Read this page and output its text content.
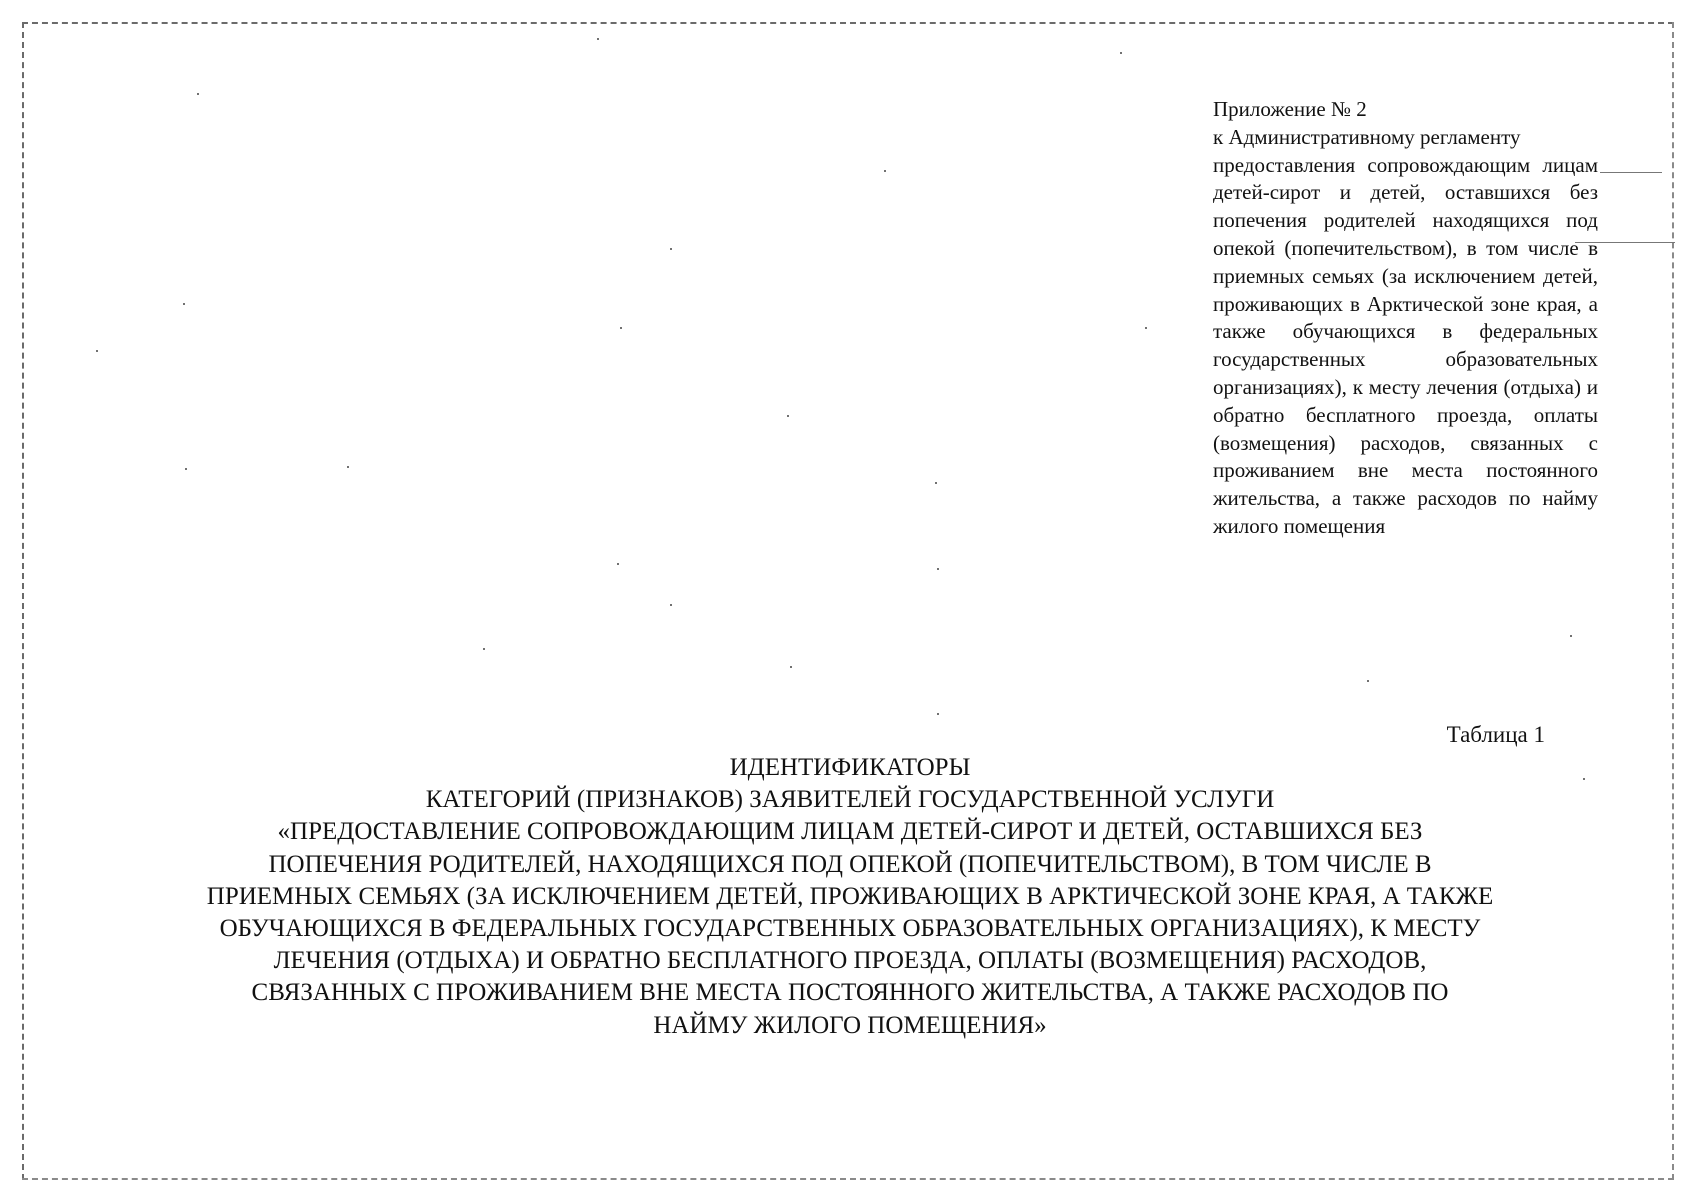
Приложение № 2
к Административному регламенту
предоставления сопровождающим лицам детей-сирот и детей, оставшихся без попечения родителей находящихся под опекой (попечительством), в том числе в приемных семьях (за исключением детей, проживающих в Арктической зоне края, а также обучающихся в федеральных государственных образовательных организациях), к месту лечения (отдыха) и обратно бесплатного проезда, оплаты (возмещения) расходов, связанных с проживанием вне места постоянного жительства, а также расходов по найму жилого помещения
Таблица 1
ИДЕНТИФИКАТОРЫ
КАТЕГОРИЙ (ПРИЗНАКОВ) ЗАЯВИТЕЛЕЙ ГОСУДАРСТВЕННОЙ УСЛУГИ
«ПРЕДОСТАВЛЕНИЕ СОПРОВОЖДАЮЩИМ ЛИЦАМ ДЕТЕЙ-СИРОТ И ДЕТЕЙ, ОСТАВШИХСЯ БЕЗ
ПОПЕЧЕНИЯ РОДИТЕЛЕЙ, НАХОДЯЩИХСЯ ПОД ОПЕКОЙ (ПОПЕЧИТЕЛЬСТВОМ), В ТОМ ЧИСЛЕ В
ПРИЕМНЫХ СЕМЬЯХ (ЗА ИСКЛЮЧЕНИЕМ ДЕТЕЙ, ПРОЖИВАЮЩИХ В АРКТИЧЕСКОЙ ЗОНЕ КРАЯ, А ТАКЖЕ
ОБУЧАЮЩИХСЯ В ФЕДЕРАЛЬНЫХ ГОСУДАРСТВЕННЫХ ОБРАЗОВАТЕЛЬНЫХ ОРГАНИЗАЦИЯХ), К МЕСТУ
ЛЕЧЕНИЯ (ОТДЫХА) И ОБРАТНО БЕСПЛАТНОГО ПРОЕЗДА, ОПЛАТЫ (ВОЗМЕЩЕНИЯ) РАСХОДОВ,
СВЯЗАННЫХ С ПРОЖИВАНИЕМ ВНЕ МЕСТА ПОСТОЯННОГО ЖИТЕЛЬСТВА, А ТАКЖЕ РАСХОДОВ ПО
НАЙМУ ЖИЛОГО ПОМЕЩЕНИЯ»
